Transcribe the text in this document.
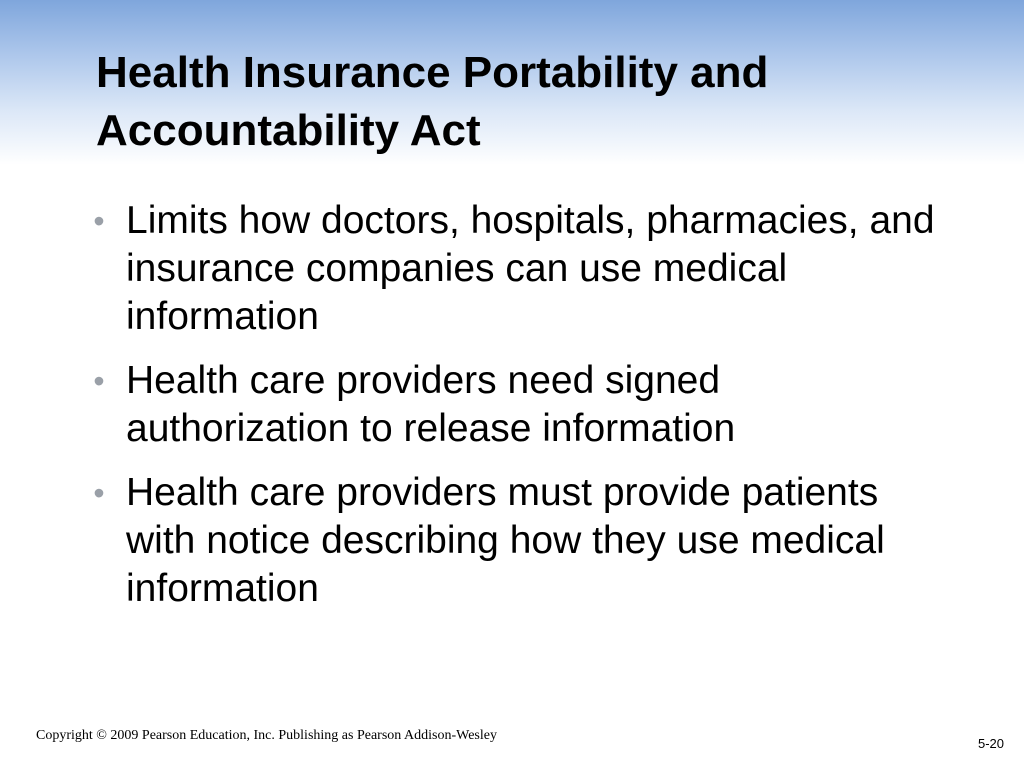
Health Insurance Portability and Accountability Act
• Limits how doctors, hospitals, pharmacies, and insurance companies can use medical information
• Health care providers need signed authorization to release information
• Health care providers must provide patients with notice describing how they use medical information
Copyright © 2009 Pearson Education, Inc. Publishing as Pearson Addison-Wesley
5-20
